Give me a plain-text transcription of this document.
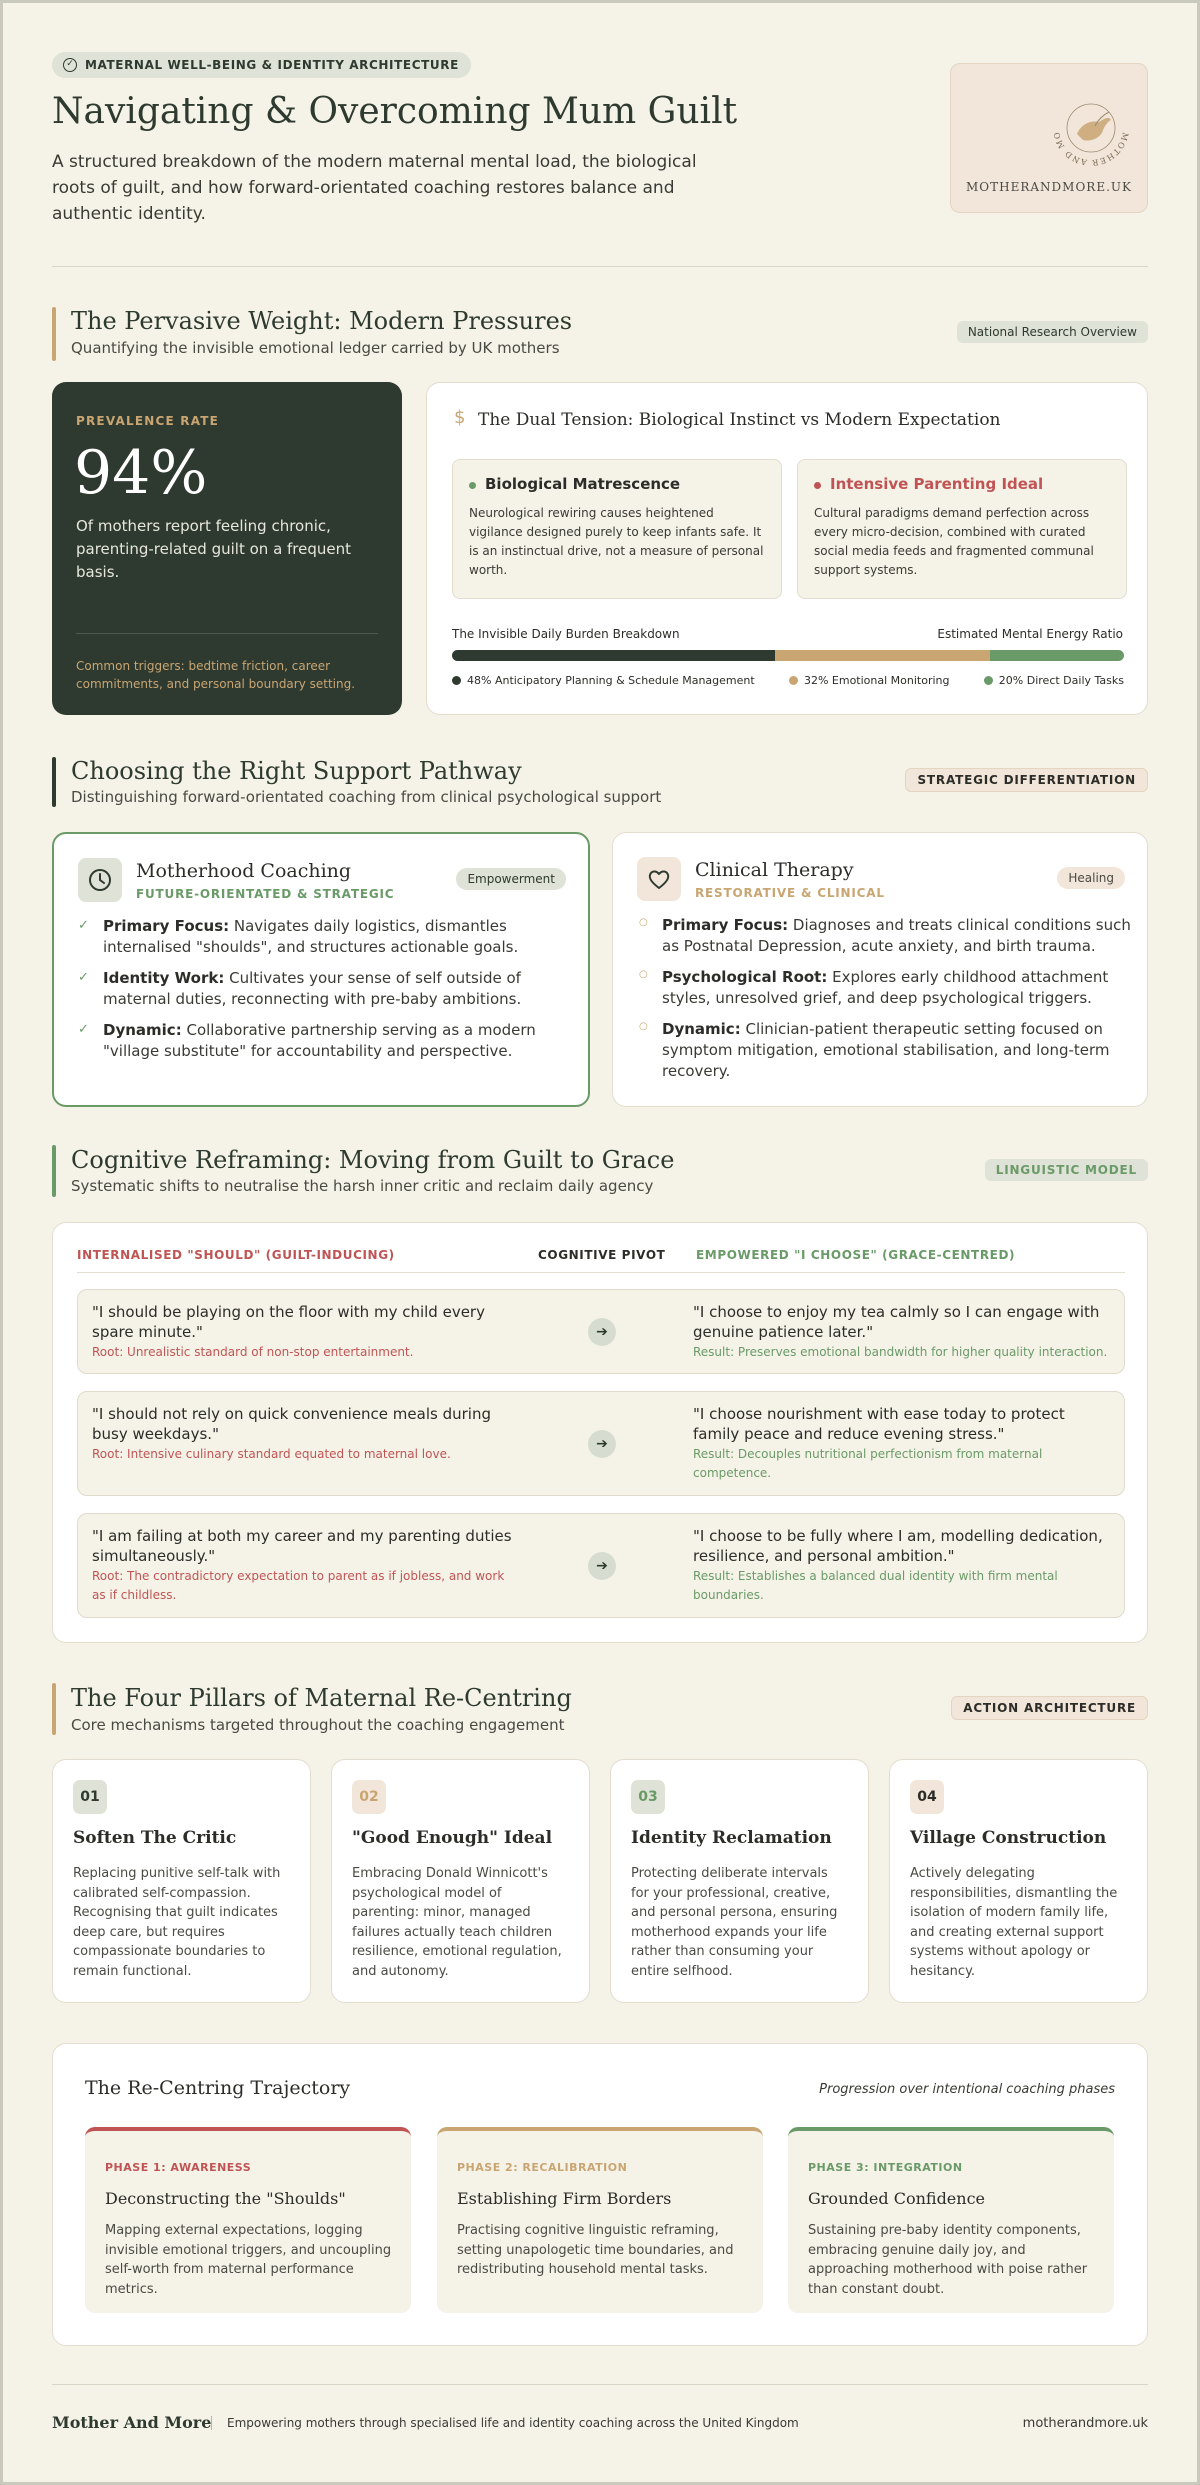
✓ MATERNAL WELL-BEING & IDENTITY ARCHITECTURE
Navigating & Overcoming Mum Guilt
A structured breakdown of the modern maternal mental load, the biological roots of guilt, and how forward-orientated coaching restores balance and authentic identity.
MOTHER AND MO
MOTHERANDMORE.UK
The Pervasive Weight: Modern Pressures
Quantifying the invisible emotional ledger carried by UK mothers
National Research Overview
PREVALENCE RATE
94%
Of mothers report feeling chronic, parenting-related guilt on a frequent basis.
Common triggers: bedtime friction, career commitments, and personal boundary setting.
$ The Dual Tension: Biological Instinct vs Modern Expectation
Biological Matrescence
Neurological rewiring causes heightened vigilance designed purely to keep infants safe. It is an instinctual drive, not a measure of personal worth.
Intensive Parenting Ideal
Cultural paradigms demand perfection across every micro-decision, combined with curated social media feeds and fragmented communal support systems.
The Invisible Daily Burden Breakdown	Estimated Mental Energy Ratio
48% Anticipatory Planning & Schedule Management	32% Emotional Monitoring	20% Direct Daily Tasks
Choosing the Right Support Pathway
Distinguishing forward-orientated coaching from clinical psychological support
STRATEGIC DIFFERENTIATION
Motherhood Coaching
FUTURE-ORIENTATED & STRATEGIC
Empowerment
✓ Primary Focus: Navigates daily logistics, dismantles internalised "shoulds", and structures actionable goals.
✓ Identity Work: Cultivates your sense of self outside of maternal duties, reconnecting with pre-baby ambitions.
✓ Dynamic: Collaborative partnership serving as a modern "village substitute" for accountability and perspective.
Clinical Therapy
RESTORATIVE & CLINICAL
Healing
○ Primary Focus: Diagnoses and treats clinical conditions such as Postnatal Depression, acute anxiety, and birth trauma.
○ Psychological Root: Explores early childhood attachment styles, unresolved grief, and deep psychological triggers.
○ Dynamic: Clinician-patient therapeutic setting focused on symptom mitigation, emotional stabilisation, and long-term recovery.
Cognitive Reframing: Moving from Guilt to Grace
Systematic shifts to neutralise the harsh inner critic and reclaim daily agency
LINGUISTIC MODEL
INTERNALISED "SHOULD" (GUILT-INDUCING)	COGNITIVE PIVOT	EMPOWERED "I CHOOSE" (GRACE-CENTRED)
"I should be playing on the floor with my child every spare minute."
Root: Unrealistic standard of non-stop entertainment.
➔
"I choose to enjoy my tea calmly so I can engage with genuine patience later."
Result: Preserves emotional bandwidth for higher quality interaction.
"I should not rely on quick convenience meals during busy weekdays."
Root: Intensive culinary standard equated to maternal love.
➔
"I choose nourishment with ease today to protect family peace and reduce evening stress."
Result: Decouples nutritional perfectionism from maternal competence.
"I am failing at both my career and my parenting duties simultaneously."
Root: The contradictory expectation to parent as if jobless, and work as if childless.
➔
"I choose to be fully where I am, modelling dedication, resilience, and personal ambition."
Result: Establishes a balanced dual identity with firm mental boundaries.
The Four Pillars of Maternal Re-Centring
Core mechanisms targeted throughout the coaching engagement
ACTION ARCHITECTURE
01
Soften The Critic
Replacing punitive self-talk with calibrated self-compassion. Recognising that guilt indicates deep care, but requires compassionate boundaries to remain functional.
02
"Good Enough" Ideal
Embracing Donald Winnicott's psychological model of parenting: minor, managed failures actually teach children resilience, emotional regulation, and autonomy.
03
Identity Reclamation
Protecting deliberate intervals for your professional, creative, and personal persona, ensuring motherhood expands your life rather than consuming your entire selfhood.
04
Village Construction
Actively delegating responsibilities, dismantling the isolation of modern family life, and creating external support systems without apology or hesitancy.
The Re-Centring Trajectory	Progression over intentional coaching phases
PHASE 1: AWARENESS
Deconstructing the "Shoulds"
Mapping external expectations, logging invisible emotional triggers, and uncoupling self-worth from maternal performance metrics.
PHASE 2: RECALIBRATION
Establishing Firm Borders
Practising cognitive linguistic reframing, setting unapologetic time boundaries, and redistributing household mental tasks.
PHASE 3: INTEGRATION
Grounded Confidence
Sustaining pre-baby identity components, embracing genuine daily joy, and approaching motherhood with poise rather than constant doubt.
Mother And More Empowering mothers through specialised life and identity coaching across the United Kingdom	motherandmore.uk
